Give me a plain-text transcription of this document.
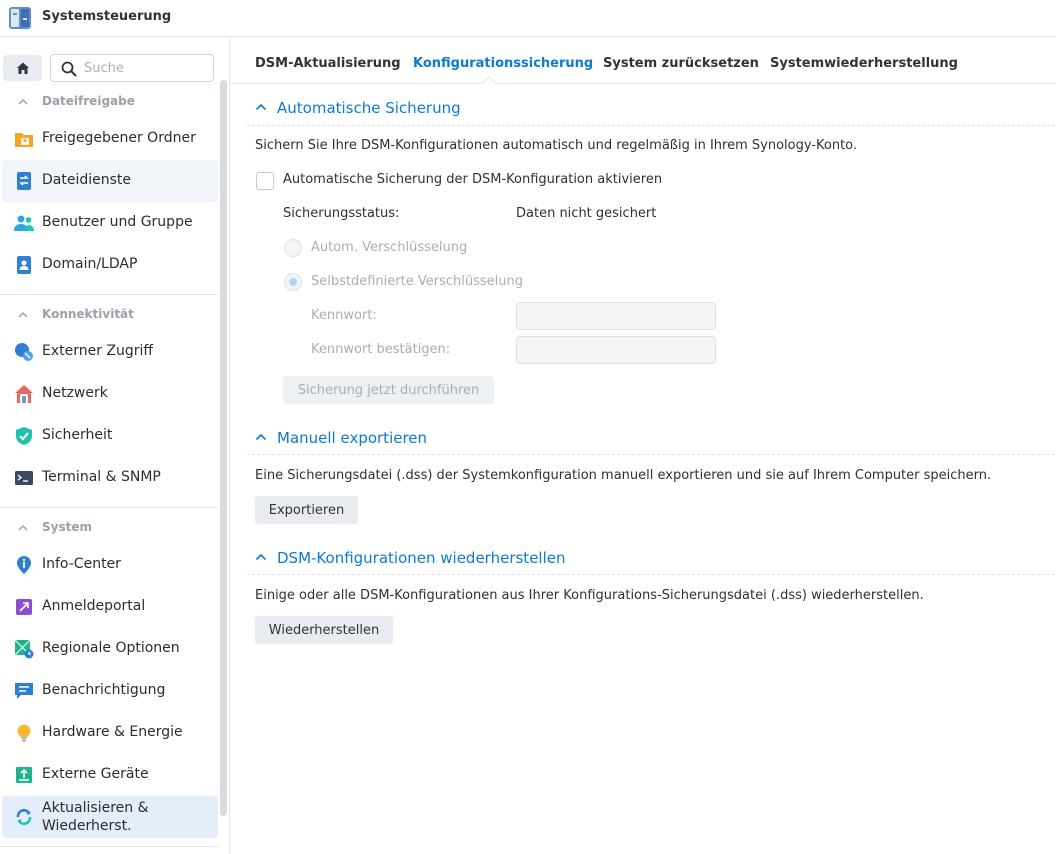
Systemsteuerung
Suche
Dateifreigabe
Freigegebener Ordner
Dateidienste
Benutzer und Gruppe
Domain/LDAP
Konnektivität
Externer Zugriff
Netzwerk
Sicherheit
Terminal & SNMP
System
Info-Center
Anmeldeportal
Regionale Optionen
Benachrichtigung
Hardware & Energie
Externe Geräte
Aktualisieren & Wiederherst.
DSM-Aktualisierung Konfigurationssicherung System zurücksetzen Systemwiederherstellung
Automatische Sicherung
Sichern Sie Ihre DSM-Konfigurationen automatisch und regelmäßig in Ihrem Synology-Konto.
Automatische Sicherung der DSM-Konfiguration aktivieren
Sicherungsstatus:	Daten nicht gesichert
Autom. Verschlüsselung
Selbstdefinierte Verschlüsselung
Kennwort:
Kennwort bestätigen:
Sicherung jetzt durchführen
Manuell exportieren
Eine Sicherungsdatei (.dss) der Systemkonfiguration manuell exportieren und sie auf Ihrem Computer speichern.
Exportieren
DSM-Konfigurationen wiederherstellen
Einige oder alle DSM-Konfigurationen aus Ihrer Konfigurations-Sicherungsdatei (.dss) wiederherstellen.
Wiederherstellen
